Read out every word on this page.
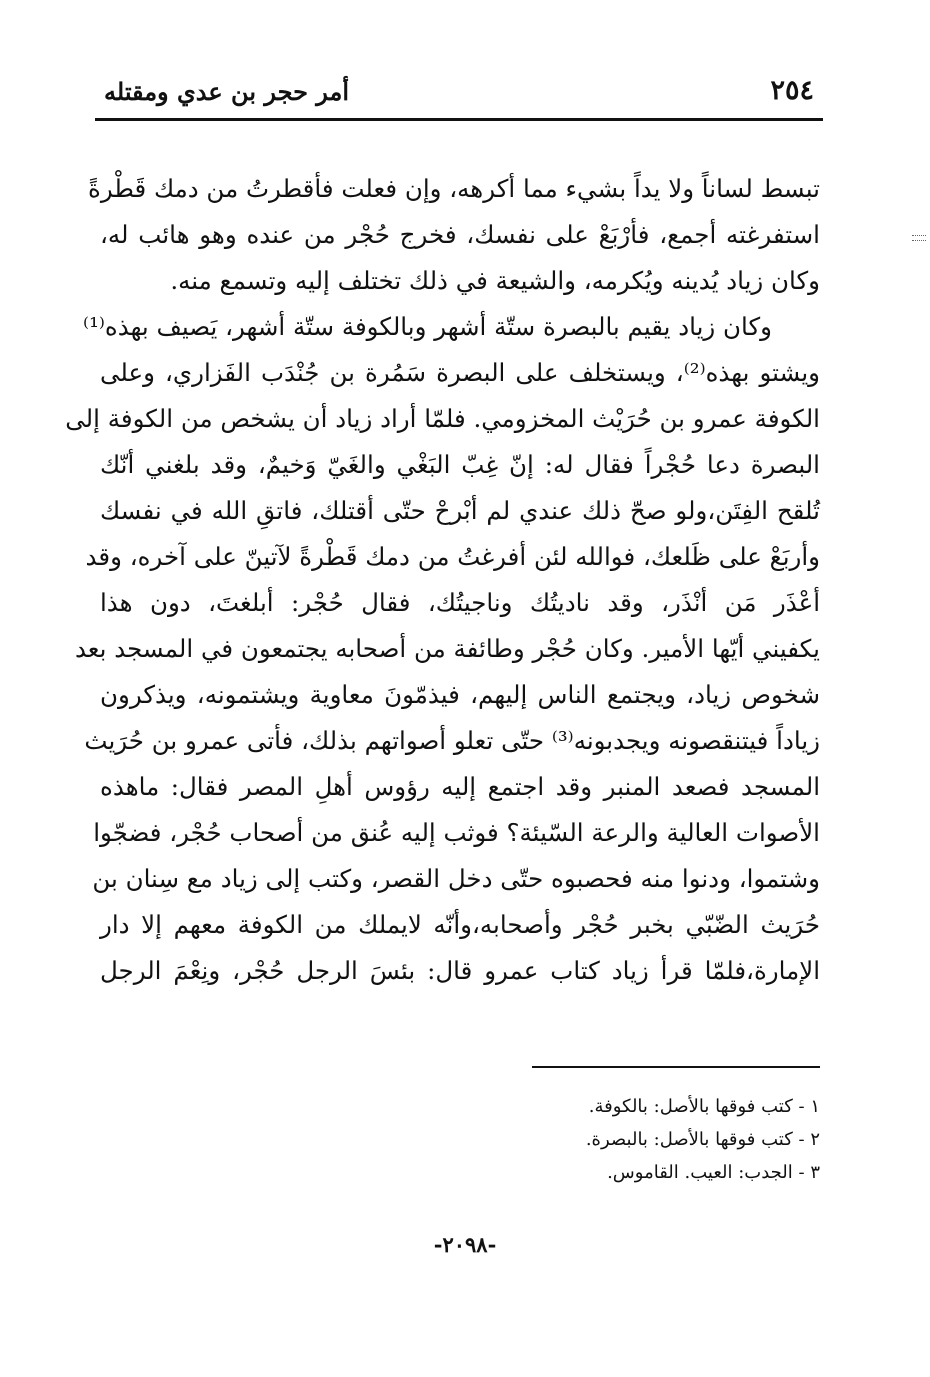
٢٥٤
أمر حجر بن عدي ومقتله
تبسط لساناً ولا يداً بشيء مما أكرهه، وإن فعلت فأقطرتُ من دمك قَطْرةً
استفرغته أجمع، فأرْبَعْ على نفسك، فخرج حُجْر من عنده وهو هائب له،
وكان زياد يُدينه ويُكرمه، والشيعة في ذلك تختلف إليه وتسمع منه.
وكان زياد يقيم بالبصرة ستّة أشهر وبالكوفة ستّة أشهر، يَصيف بهذه⁽¹⁾
ويشتو بهذه⁽²⁾، ويستخلف على البصرة سَمُرة بن جُنْدَب الفَزاري، وعلى
الكوفة عمرو بن حُرَيْث المخزومي. فلمّا أراد زياد أن يشخص من الكوفة إلى
البصرة دعا حُجْراً فقال له: إنّ غِبّ البَغْي والغَيّ وَخيمٌ، وقد بلغني أنّك
تُلقح الفِتَن،ولو صحّ ذلك عندي لم أبْرحْ حتّى أقتلك، فاتقِ الله في نفسك
وأربَعْ على ظَلعك، فوالله لئن أفرغتُ من دمك قَطْرةً لآتينّ على آخره، وقد
أعْذَر مَن أنْذَر، وقد ناديتُك وناجيتُك، فقال حُجْر: أبلغتَ، دون هذا
يكفيني أيّها الأمير. وكان حُجْر وطائفة من أصحابه يجتمعون في المسجد بعد
شخوص زياد، ويجتمع الناس إليهم، فيذمّونَ معاوية ويشتمونه، ويذكرون
زياداً فيتنقصونه ويجدبونه⁽³⁾ حتّى تعلو أصواتهم بذلك، فأتى عمرو بن حُرَيث
المسجد فصعد المنبر وقد اجتمع إليه رؤوس أهلِ المصر فقال: ماهذه
الأصوات العالية والرعة السّيئة؟ فوثب إليه عُنق من أصحاب حُجْر، فضجّوا
وشتموا، ودنوا منه فحصبوه حتّى دخل القصر، وكتب إلى زياد مع سِنان بن
حُرَيث الضّبّي بخبر حُجْر وأصحابه،وأنّه لايملك من الكوفة معهم إلا دار
الإمارة،فلمّا قرأ زياد كتاب عمرو قال: بئسَ الرجل حُجْر، ونِعْمَ الرجل
١ - كتب فوقها بالأصل: بالكوفة.
٢ - كتب فوقها بالأصل: بالبصرة.
٣ - الجدب: العيب. القاموس.
-٢٠٩٨-
